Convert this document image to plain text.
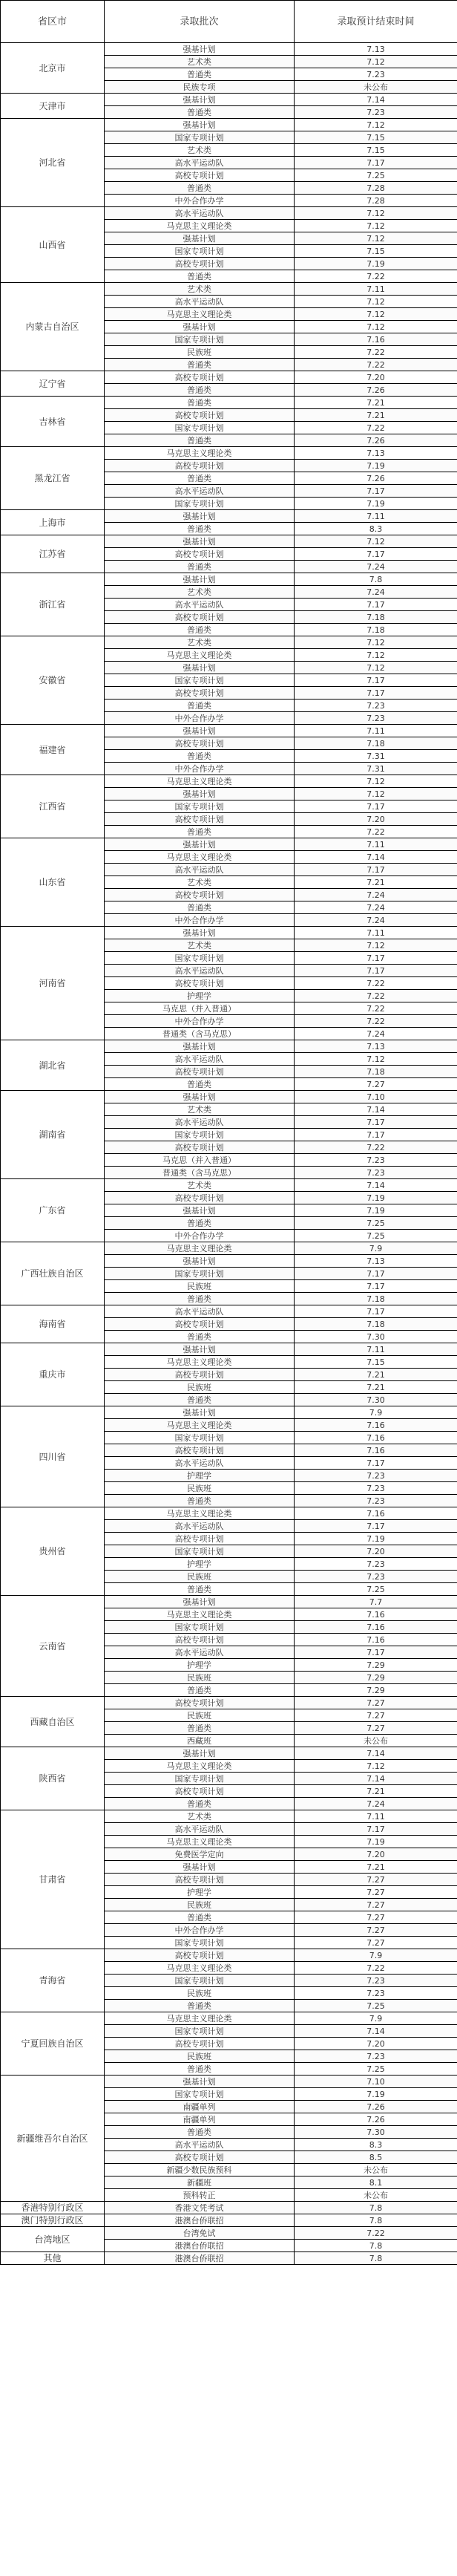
省区市	录取批次	录取预计结束时间
北京市	强基计划	7.13
	艺术类	7.12
	普通类	7.23
	民族专项	未公布
天津市	强基计划	7.14
	普通类	7.23
河北省	强基计划	7.12
	国家专项计划	7.15
	艺术类	7.15
	高水平运动队	7.17
	高校专项计划	7.25
	普通类	7.28
	中外合作办学	7.28
山西省	高水平运动队	7.12
	马克思主义理论类	7.12
	强基计划	7.12
	国家专项计划	7.15
	高校专项计划	7.19
	普通类	7.22
内蒙古自治区	艺术类	7.11
	高水平运动队	7.12
	马克思主义理论类	7.12
	强基计划	7.12
	国家专项计划	7.16
	民族班	7.22
	普通类	7.22
辽宁省	高校专项计划	7.20
	普通类	7.26
吉林省	普通类	7.21
	高校专项计划	7.21
	国家专项计划	7.22
	普通类	7.26
黑龙江省	马克思主义理论类	7.13
	高校专项计划	7.19
	普通类	7.26
	高水平运动队	7.17
	国家专项计划	7.19
上海市	强基计划	7.11
	普通类	8.3
江苏省	强基计划	7.12
	高校专项计划	7.17
	普通类	7.24
浙江省	强基计划	7.8
	艺术类	7.24
	高水平运动队	7.17
	高校专项计划	7.18
	普通类	7.18
安徽省	艺术类	7.12
	马克思主义理论类	7.12
	强基计划	7.12
	国家专项计划	7.17
	高校专项计划	7.17
	普通类	7.23
	中外合作办学	7.23
福建省	强基计划	7.11
	高校专项计划	7.18
	普通类	7.31
	中外合作办学	7.31
江西省	马克思主义理论类	7.12
	强基计划	7.12
	国家专项计划	7.17
	高校专项计划	7.20
	普通类	7.22
山东省	强基计划	7.11
	马克思主义理论类	7.14
	高水平运动队	7.17
	艺术类	7.21
	高校专项计划	7.24
	普通类	7.24
	中外合作办学	7.24
河南省	强基计划	7.11
	艺术类	7.12
	国家专项计划	7.17
	高水平运动队	7.17
	高校专项计划	7.22
	护理学	7.22
	马克思（并入普通）	7.22
	中外合作办学	7.22
	普通类（含马克思）	7.24
湖北省	强基计划	7.13
	高水平运动队	7.12
	高校专项计划	7.18
	普通类	7.27
湖南省	强基计划	7.10
	艺术类	7.14
	高水平运动队	7.17
	国家专项计划	7.17
	高校专项计划	7.22
	马克思（并入普通）	7.23
	普通类（含马克思）	7.23
广东省	艺术类	7.14
	高校专项计划	7.19
	强基计划	7.19
	普通类	7.25
	中外合作办学	7.25
广西壮族自治区	马克思主义理论类	7.9
	强基计划	7.13
	国家专项计划	7.17
	民族班	7.17
	普通类	7.18
海南省	高水平运动队	7.17
	高校专项计划	7.18
	普通类	7.30
重庆市	强基计划	7.11
	马克思主义理论类	7.15
	高校专项计划	7.21
	民族班	7.21
	普通类	7.30
四川省	强基计划	7.9
	马克思主义理论类	7.16
	国家专项计划	7.16
	高校专项计划	7.16
	高水平运动队	7.17
	护理学	7.23
	民族班	7.23
	普通类	7.23
贵州省	马克思主义理论类	7.16
	高水平运动队	7.17
	高校专项计划	7.19
	国家专项计划	7.20
	护理学	7.23
	民族班	7.23
	普通类	7.25
云南省	强基计划	7.7
	马克思主义理论类	7.16
	国家专项计划	7.16
	高校专项计划	7.16
	高水平运动队	7.17
	护理学	7.29
	民族班	7.29
	普通类	7.29
西藏自治区	高校专项计划	7.27
	民族班	7.27
	普通类	7.27
	西藏班	未公布
陕西省	强基计划	7.14
	马克思主义理论类	7.12
	国家专项计划	7.14
	高校专项计划	7.21
	普通类	7.24
甘肃省	艺术类	7.11
	高水平运动队	7.17
	马克思主义理论类	7.19
	免费医学定向	7.20
	强基计划	7.21
	高校专项计划	7.27
	护理学	7.27
	民族班	7.27
	普通类	7.27
	中外合作办学	7.27
	国家专项计划	7.27
青海省	高校专项计划	7.9
	马克思主义理论类	7.22
	国家专项计划	7.23
	民族班	7.23
	普通类	7.25
宁夏回族自治区	马克思主义理论类	7.9
	国家专项计划	7.14
	高校专项计划	7.20
	民族班	7.23
	普通类	7.25
新疆维吾尔自治区	强基计划	7.10
	国家专项计划	7.19
	南疆单列	7.26
	南疆单列	7.26
	普通类	7.30
	高水平运动队	8.3
	高校专项计划	8.5
	新疆少数民族预科	未公布
	新疆班	8.1
	预科转正	未公布
香港特别行政区	香港文凭考试	7.8
澳门特别行政区	港澳台侨联招	7.8
台湾地区	台湾免试	7.22
	港澳台侨联招	7.8
其他	港澳台侨联招	7.8
